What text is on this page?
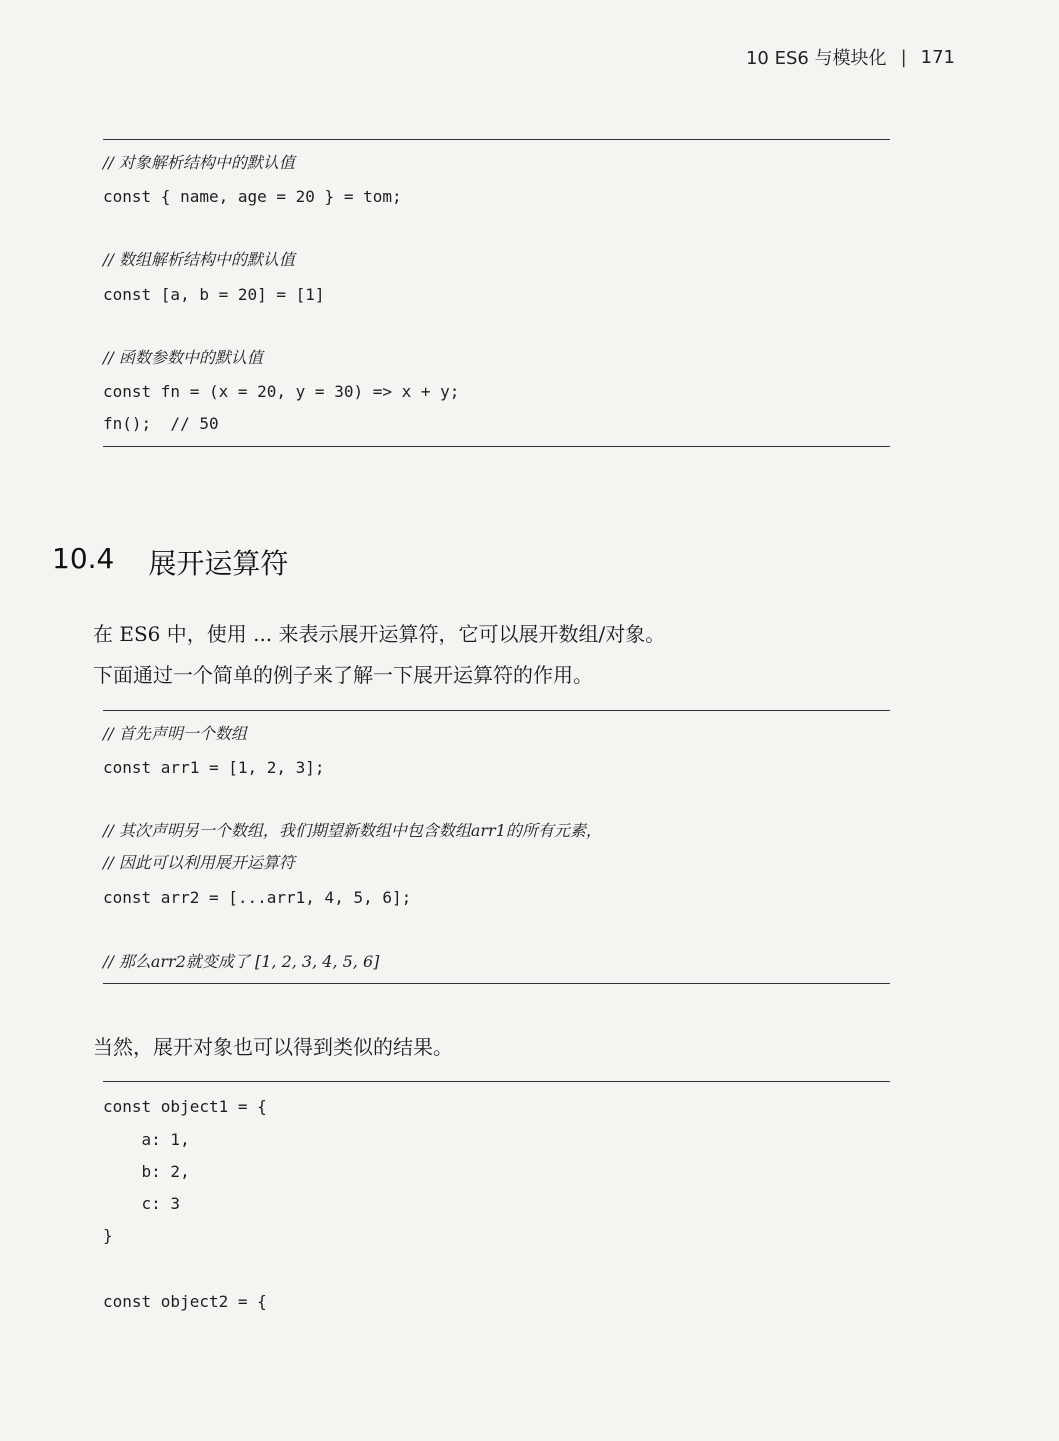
10 ES6 与模块化 | 171
// 对象解析结构中的默认值
const { name, age = 20 } = tom;
// 数组解析结构中的默认值
const [a, b = 20] = [1]
// 函数参数中的默认值
const fn = (x = 20, y = 30) => x + y;
fn();  // 50
10.4 展开运算符

在 ES6 中，使用 ... 来表示展开运算符，它可以展开数组/对象。

下面通过一个简单的例子来了解一下展开运算符的作用。

// 首先声明一个数组
const arr1 = [1, 2, 3];
// 其次声明另一个数组，我们期望新数组中包含数组arr1的所有元素，
// 因此可以利用展开运算符
const arr2 = [...arr1, 4, 5, 6];
// 那么arr2就变成了 [1, 2, 3, 4, 5, 6]

当然，展开对象也可以得到类似的结果。

const object1 = {
a: 1,
b: 2,
c: 3
}
const object2 = {
